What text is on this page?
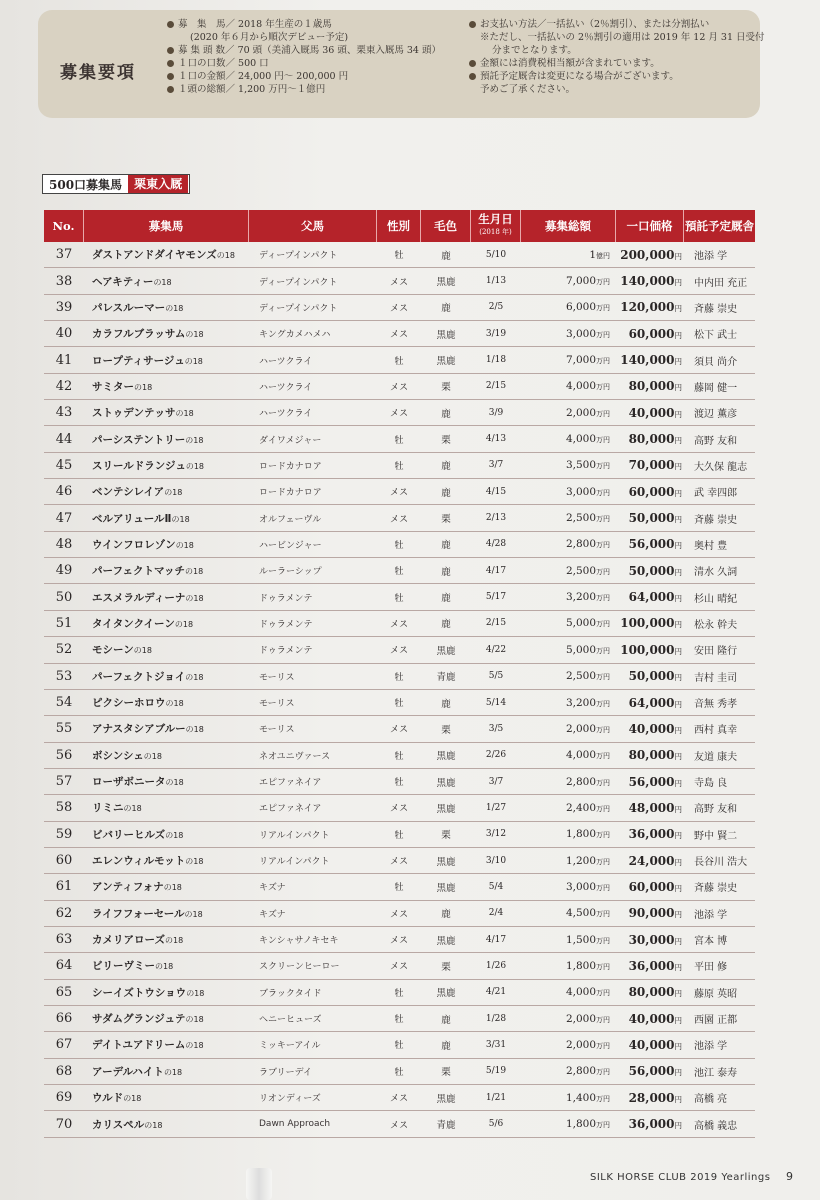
募集要項
募　集　馬／ 2018 年生産の１歳馬
(2020 年６月から順次デビュー予定)
募 集 頭 数／ 70 頭（美浦入厩馬 36 頭、栗東入厩馬 34 頭）
１口の口数／ 500 口
１口の金額／ 24,000 円〜 200,000 円
１頭の総額／ 1,200 万円〜１億円
お支払い方法／一括払い（2％割引）、または分割払い
※ただし、一括払いの 2％割引の適用は 2019 年 12 月 31 日受付
分までとなります。
金額には消費税相当額が含まれています。
預託予定厩舎は変更になる場合がございます。
予めご了承ください。
500口募集馬	栗東入厩
No.	募集馬	父馬	性別	毛色	生月日
(2018 年)	募集総額	一口価格	預託予定厩舎
37	ダストアンドダイヤモンズの18	ディープインパクト	牡	鹿	5/10	1億円 200,000円	池添 学
38	ヘアキティーの18	ディープインパクト	メス	黒鹿	1/13	7,000万円 140,000円	中内田 充正
39	パレスルーマーの18	ディープインパクト	メス	鹿	2/5	6,000万円 120,000円	斉藤 崇史
40	カラフルブラッサムの18	キングカメハメハ	メス	黒鹿	3/19	3,000万円	60,000円	松下 武士
41	ロープティサージュの18	ハーツクライ	牡	黒鹿	1/18	7,000万円 140,000円	須貝 尚介
42	サミターの18	ハーツクライ	メス	栗	2/15	4,000万円	80,000円	藤岡 健一
43	ストゥデンテッサの18	ハーツクライ	メス	鹿	3/9	2,000万円	40,000円	渡辺 薫彦
44	パーシステントリーの18	ダイワメジャー	牡	栗	4/13	4,000万円	80,000円	高野 友和
45	スリールドランジュの18	ロードカナロア	牡	鹿	3/7	3,500万円	70,000円	大久保 龍志
46	ベンテシレイアの18	ロードカナロア	メス	鹿	4/15	3,000万円	60,000円	武 幸四郎
47	ベルアリュールⅡの18	オルフェーヴル	メス	栗	2/13	2,500万円	50,000円	斉藤 崇史
48	ウインフロレゾンの18	ハービンジャー	牡	鹿	4/28	2,800万円	56,000円	奥村 豊
49	パーフェクトマッチの18	ルーラーシップ	牡	鹿	4/17	2,500万円	50,000円	清水 久詞
50	エスメラルディーナの18	ドゥラメンテ	牡	鹿	5/17	3,200万円	64,000円	杉山 晴紀
51	タイタンクイーンの18	ドゥラメンテ	メス	鹿	2/15	5,000万円 100,000円	松永 幹夫
52	モシーンの18	ドゥラメンテ	メス	黒鹿	4/22	5,000万円 100,000円	安田 隆行
53	パーフェクトジョイの18	モーリス	牡	青鹿	5/5	2,500万円	50,000円	吉村 圭司
54	ピクシーホロウの18	モーリス	牡	鹿	5/14	3,200万円	64,000円	音無 秀孝
55	アナスタシアブルーの18	モーリス	メス	栗	3/5	2,000万円	40,000円	西村 真幸
56	ボシンシェの18	ネオユニヴァース	牡	黒鹿	2/26	4,000万円	80,000円	友道 康夫
57	ローザボニータの18	エピファネイア	牡	黒鹿	3/7	2,800万円	56,000円	寺島 良
58	リミニの18	エピファネイア	メス	黒鹿	1/27	2,400万円	48,000円	高野 友和
59	ビバリーヒルズの18	リアルインパクト	牡	栗	3/12	1,800万円	36,000円	野中 賢二
60	エレンウィルモットの18	リアルインパクト	メス	黒鹿	3/10	1,200万円	24,000円	長谷川 浩大
61	アンティフォナの18	キズナ	牡	黒鹿	5/4	3,000万円	60,000円	斉藤 崇史
62	ライフフォーセールの18	キズナ	メス	鹿	2/4	4,500万円	90,000円	池添 学
63	カメリアローズの18	キンシャサノキセキ	メス	黒鹿	4/17	1,500万円	30,000円	宮本 博
64	ビリーヴミーの18	スクリーンヒーロー	メス	栗	1/26	1,800万円	36,000円	平田 修
65	シーイズトウショウの18	ブラックタイド	牡	黒鹿	4/21	4,000万円	80,000円	藤原 英昭
66	サダムグランジュテの18	ヘニーヒューズ	牡	鹿	1/28	2,000万円	40,000円	西園 正都
67	デイトユアドリームの18	ミッキーアイル	牡	鹿	3/31	2,000万円	40,000円	池添 学
68	アーデルハイトの18	ラブリーデイ	牡	栗	5/19	2,800万円	56,000円	池江 泰寿
69	ウルドの18	リオンディーズ	メス	黒鹿	1/21	1,400万円	28,000円	高橋 亮
70	カリスペルの18	Dawn Approach	メス	青鹿	5/6	1,800万円	36,000円	高橋 義忠
SILK HORSE CLUB 2019 Yearlings 9
